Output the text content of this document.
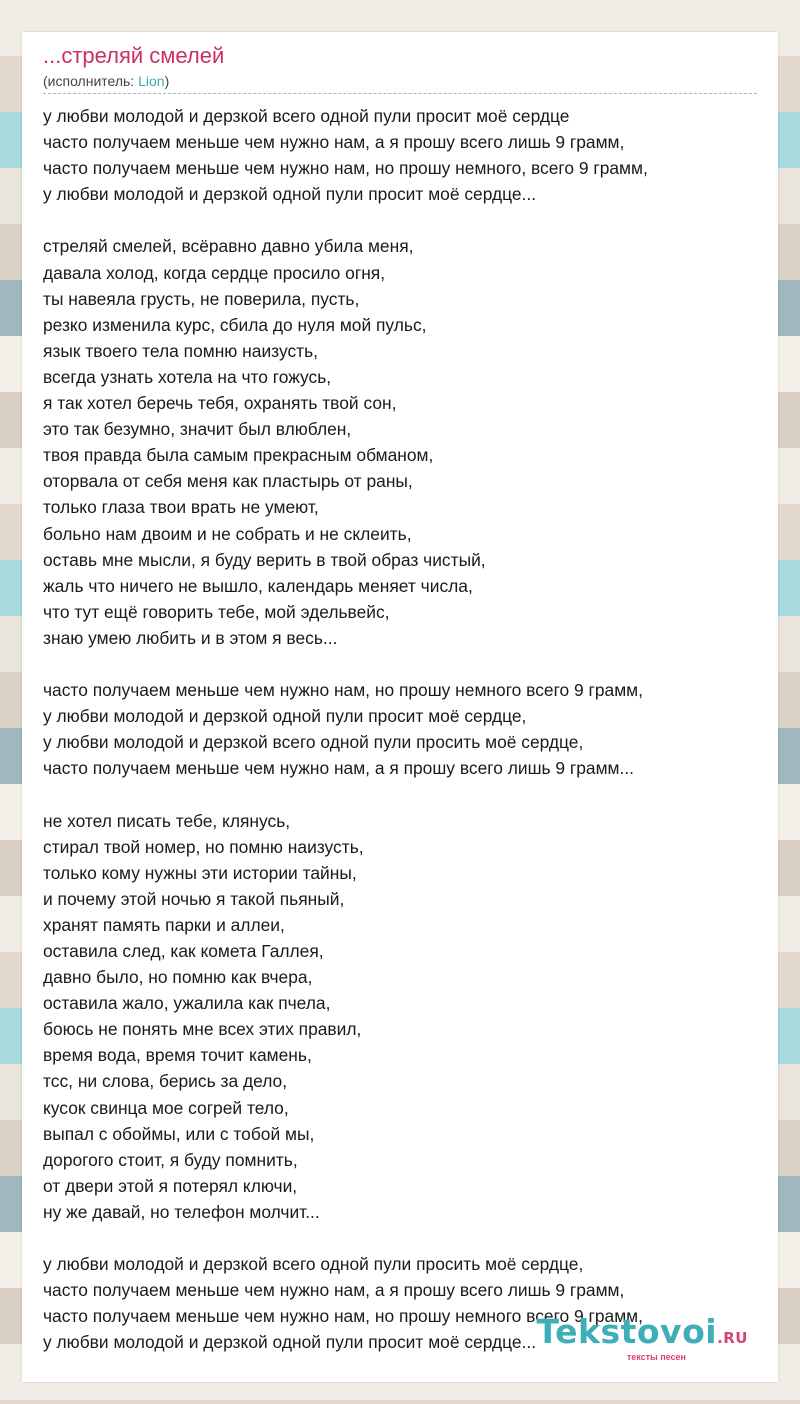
...стреляй смелей
(исполнитель: Lion)
у любви молодой и дерзкой всего одной пули просит моё сердце
часто получаем меньше чем нужно нам, а я прошу всего лишь 9 грамм,
часто получаем меньше чем нужно нам, но прошу немного, всего 9 грамм,
у любви молодой и дерзкой одной пули просит моё сердце...
стреляй смелей, всёравно давно убила меня,
давала холод, когда сердце просило огня,
ты навеяла грусть, не поверила, пусть,
резко изменила курс, сбила до нуля мой пульс,
язык твоего тела помню наизусть,
всегда узнать хотела на что гожусь,
я так хотел беречь тебя, охранять твой сон,
это так безумно, значит был влюблен,
твоя правда была самым прекрасным обманом,
оторвала от себя меня как пластырь от раны,
только глаза твои врать не умеют,
больно нам двоим и не собрать и не склеить,
оставь мне мысли, я буду верить в твой образ чистый,
жаль что ничего не вышло, календарь меняет числа,
что тут ещё говорить тебе, мой эдельвейс,
знаю умею любить и в этом я весь...
часто получаем меньше чем нужно нам, но прошу немного всего 9 грамм,
у любви молодой и дерзкой одной пули просит моё сердце,
у любви молодой и дерзкой всего одной пули просить моё сердце,
часто получаем меньше чем нужно нам, а я прошу всего лишь 9 грамм...
не хотел писать тебе, клянусь,
стирал твой номер, но помню наизусть,
только кому нужны эти истории тайны,
и почему этой ночью я такой пьяный,
хранят память парки и аллеи,
оставила след, как комета Галлея,
давно было, но помню как вчера,
оставила жало, ужалила как пчела,
боюсь не понять мне всех этих правил,
время вода, время точит камень,
тсс, ни слова, берись за дело,
кусок свинца мое согрей тело,
выпал с обоймы, или с тобой мы,
дорогого стоит, я буду помнить,
от двери этой я потерял ключи,
ну же давай, но телефон молчит...
у любви молодой и дерзкой всего одной пули просить моё сердце,
часто получаем меньше чем нужно нам, а я прошу всего лишь 9 грамм,
часто получаем меньше чем нужно нам, но прошу немного всего 9 грамм,
у любви молодой и дерзкой одной пули просит моё сердце... Tekstovoi.RU
тексты песен
